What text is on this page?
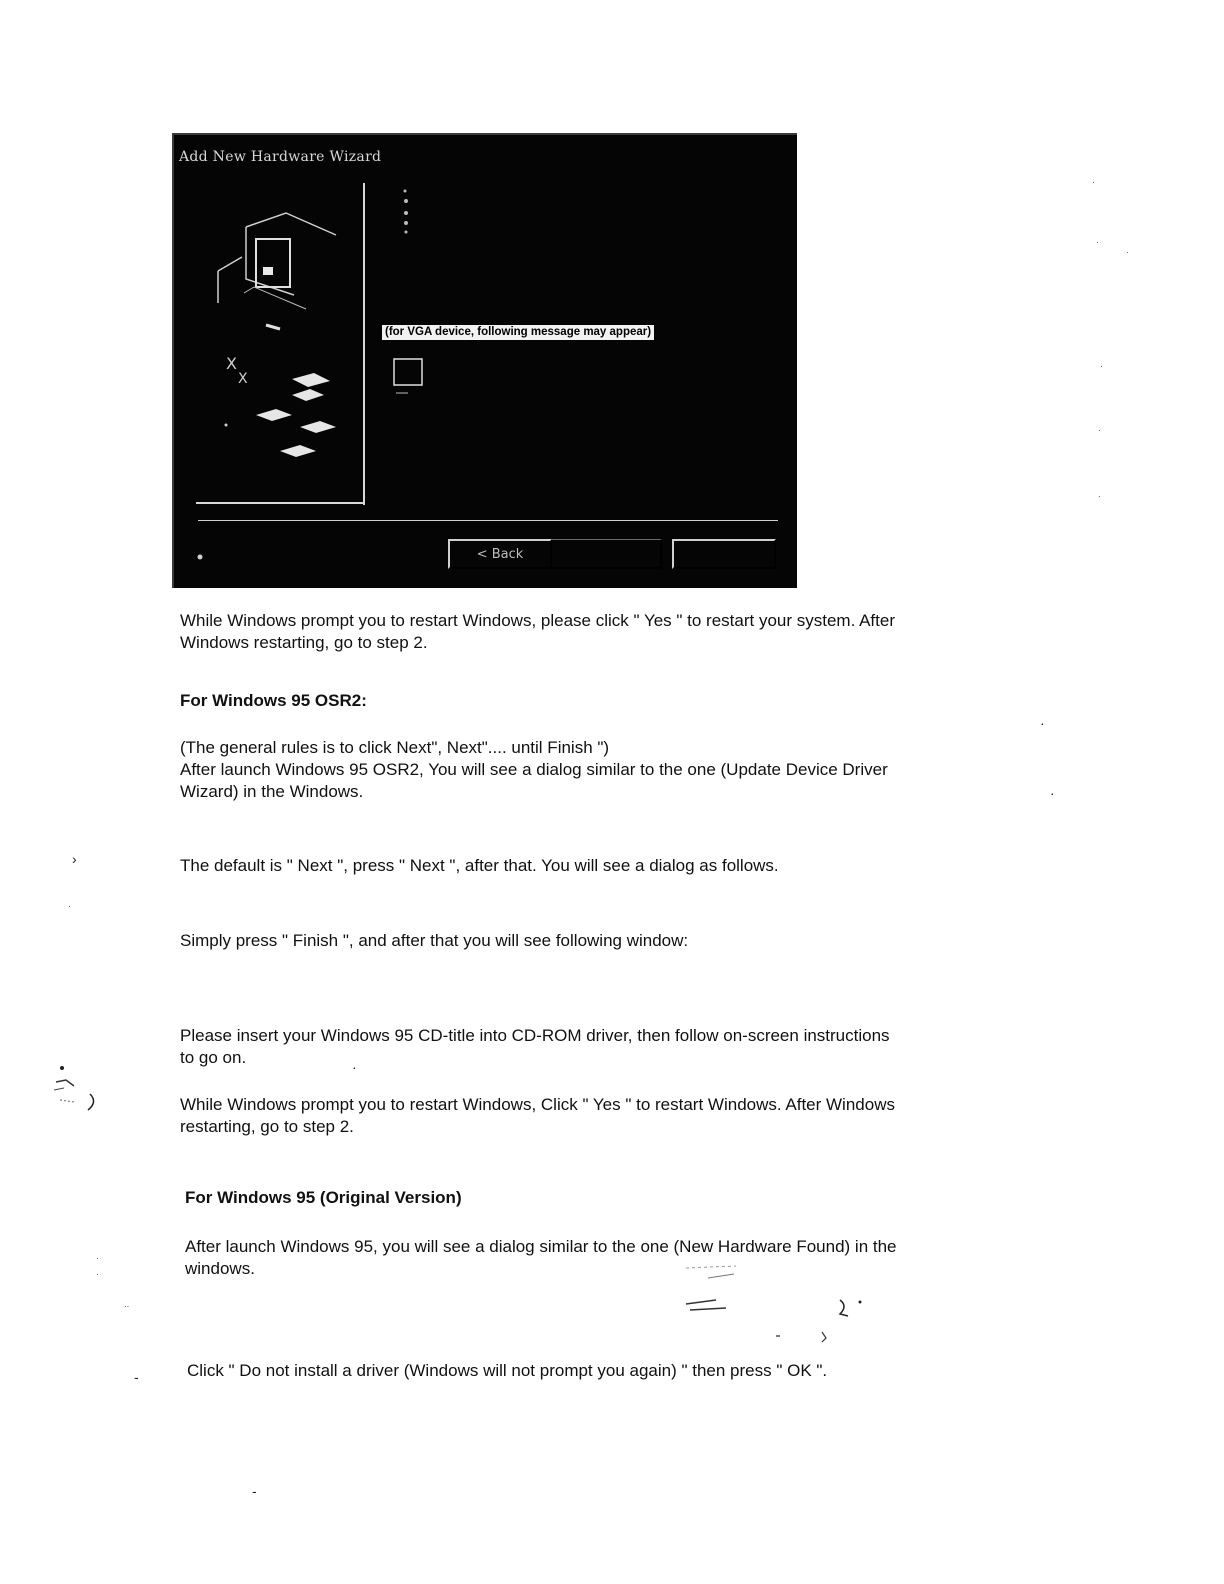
Add New Hardware Wizard
X
X
(for VGA device, following message may appear)
< Back

While Windows prompt you to restart Windows, please click " Yes " to restart your system. After
Windows restarting, go to step 2.

For Windows 95 OSR2:

(The general rules is to click Next", Next".... until Finish ")
After launch Windows 95 OSR2, You will see a dialog similar to the one (Update Device Driver
Wizard) in the Windows.

The default is " Next ", press " Next ", after that. You will see a dialog as follows.

Simply press " Finish ", and after that you will see following window:

Please insert your Windows 95 CD-title into CD-ROM driver, then follow on-screen instructions
to go on.

While Windows prompt you to restart Windows, Click " Yes " to restart Windows. After Windows
restarting, go to step 2.

For Windows 95 (Original Version)

After launch Windows 95, you will see a dialog similar to the one (New Hardware Found) in the
windows.

Click " Do not install a driver (Windows will not prompt you again) " then press " OK ".

›
·
·
·
·
·
·
·
·
·
·
·
·
··
-
-
